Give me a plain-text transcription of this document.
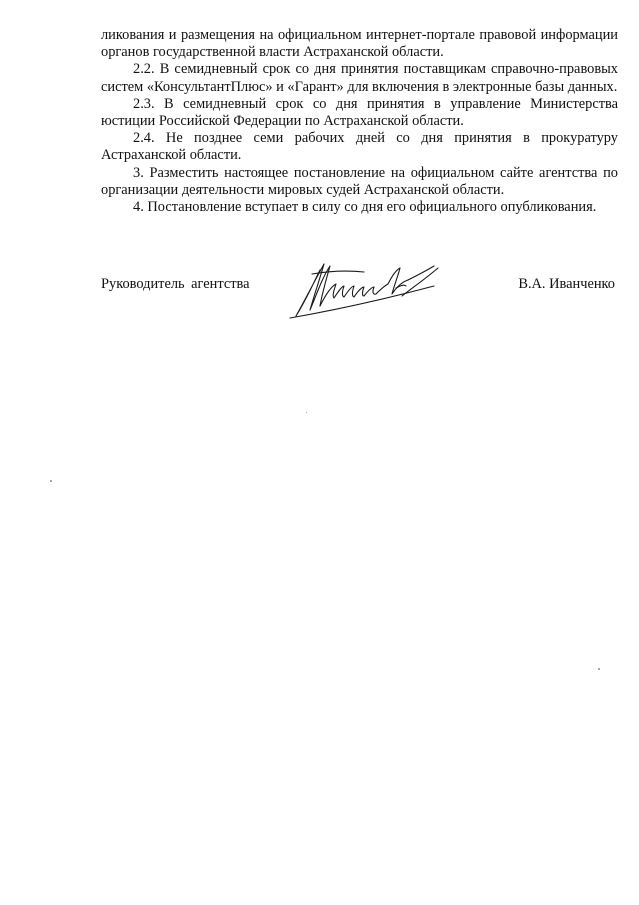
ликования и размещения на официальном интернет-портале правовой информации органов государственной власти Астраханской области.

2.2. В семидневный срок со дня принятия поставщикам справочно-правовых систем «КонсультантПлюс» и «Гарант» для включения в электронные базы данных.

2.3. В семидневный срок со дня принятия в управление Министерства юстиции Российской Федерации по Астраханской области.

2.4. Не позднее семи рабочих дней со дня принятия в прокуратуру Астраханской области.

3. Разместить настоящее постановление на официальном сайте агентства по организации деятельности мировых судей Астраханской области.

4. Постановление вступает в силу со дня его официального опубликования.

Руководитель агентства	В.А. Иванченко
